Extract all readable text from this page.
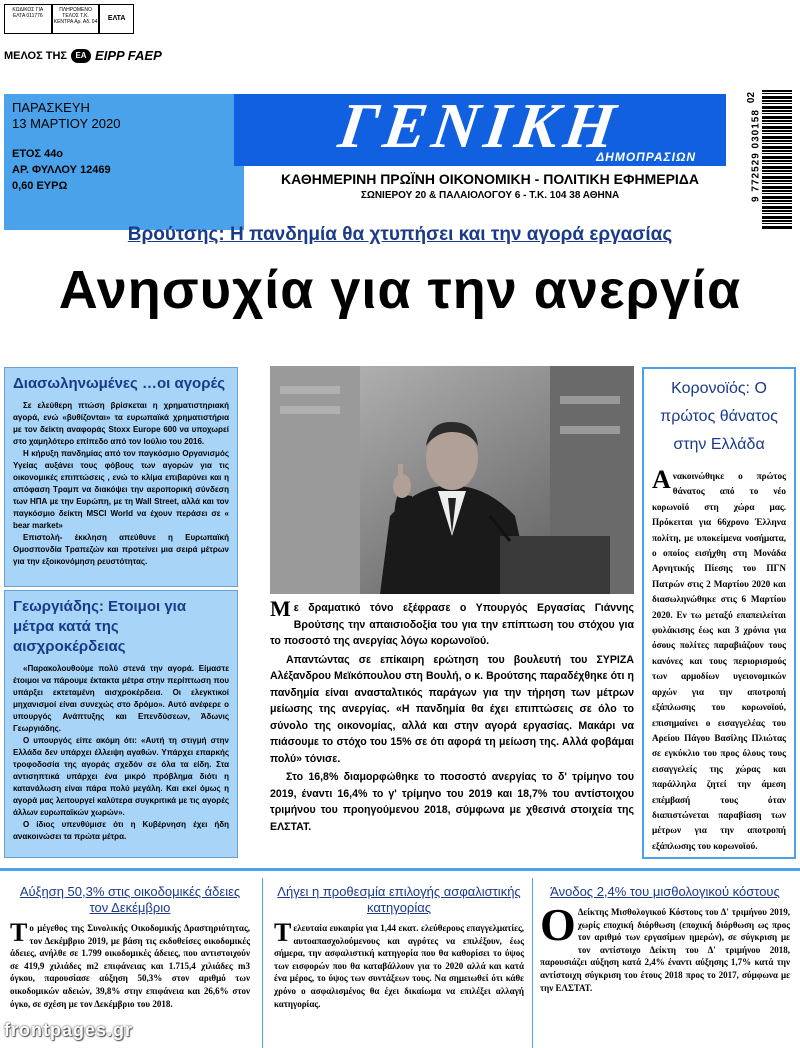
ΚΩΔΙΚΟΣ ΓΙΑ ΕΛΤΑ 011776
ΠΛΗΡΩΜΕΝΟ ΤΕΛΟΣ Τ.Κ. ΚΕΝΤΡΑ Αρ. Αδ. 04	ΕΛΤΑ
ΜΕΛΟΣ ΤΗΣ	ΕΑ EIPP FAEP
ΠΑΡΑΣΚΕΥΗ
13 ΜΑΡΤΙΟΥ 2020
ΕΤΟΣ 44ο
ΑΡ. ΦΥΛΛΟΥ 12469
0,60 ΕΥΡΩ
ΓΕΝΙΚΗ
ΔΗΜΟΠΡΑΣΙΩΝ
ΚΑΘΗΜΕΡΙΝΗ ΠΡΩΪΝΗ ΟΙΚΟΝΟΜΙΚΗ - ΠΟΛΙΤΙΚΗ ΕΦΗΜΕΡΙΔΑ
ΣΩΝΙΕΡΟΥ 20 & ΠΑΛΑΙΟΛΟΓΟΥ 6 - Τ.Κ. 104 38 ΑΘΗΝΑ
02
9 772529 030158
Βρούτσης: Η πανδημία θα χτυπήσει και την αγορά εργασίας
Ανησυχία για την ανεργία
Διασωληνωμένες …οι αγορές

Σε ελεύθερη πτώση βρίσκεται η χρηματιστηριακή αγορά, ενώ «βυθίζονται» τα ευρωπαϊκά χρηματιστήρια με τον δείκτη αναφοράς Stoxx Europe 600 να υποχωρεί στο χαμηλότερο επίπεδο από τον Ιούλιο του 2016.

Η κήρυξη πανδημίας από τον παγκόσμιο Οργανισμός Υγείας αυξάνει τους φόβους των αγορών για τις οικονομικές επιπτώσεις , ενώ το κλίμα επιβαρύνει και η απόφαση Τραμπ να διακόψει την αεροπορική σύνδεση των ΗΠΑ με την Ευρώπη, με τη Wall Street, αλλά και τον παγκόσμιο δείκτη MSCI World να έχουν περάσει σε « bear market»

Επιστολή- έκκληση απεύθυνε η Ευρωπαϊκή Ομοσπονδία Τραπεζών και προτείνει μια σειρά μέτρων για την εξοικονόμηση ρευστότητας.

Γεωργιάδης: Ετοιμοι για μέτρα κατά της αισχροκέρδειας

«Παρακολουθούμε πολύ στενά την αγορά. Είμαστε έτοιμοι να πάρουμε έκτακτα μέτρα στην περίπτωση που υπάρξει εκτεταμένη αισχροκέρδεια. Οι ελεγκτικοί μηχανισμοί είναι συνεχώς στο δρόμο». Αυτό ανέφερε ο υπουργός Ανάπτυξης και Επενδύσεων, Άδωνις Γεωργιάδης.

Ο υπουργός είπε ακόμη ότι: «Αυτή τη στιγμή στην Ελλάδα δεν υπάρχει έλλειψη αγαθών. Υπάρχει επαρκής τροφοδοσία της αγοράς σχεδόν σε όλα τα είδη. Στα αντισηπτικά υπάρχει ένα μικρό πρόβλημα διότι η κατανάλωση είναι πάρα πολύ μεγάλη. Και εκεί όμως η αγορά μας λειτουργεί καλύτερα συγκριτικά με τις αγορές άλλων ευρωπαϊκών χωρών».

Ο ίδιος υπενθύμισε ότι η Κυβέρνηση έχει ήδη ανακοινώσει τα πρώτα μέτρα.

Με δραματικό τόνο εξέφρασε ο Υπουργός Εργασίας Γιάννης Βρούτσης την απαισιοδοξία του για την επίπτωση του στόχου για το ποσοστό της ανεργίας λόγω κορωνοϊού.

Απαντώντας σε επίκαιρη ερώτηση του βουλευτή του ΣΥΡΙΖΑ Αλέξανδρου Μεϊκόπουλου στη Βουλή, ο κ. Βρούτσης παραδέχθηκε ότι η πανδημία είναι ανασταλτικός παράγων για την τήρηση των μέτρων μείωσης της ανεργίας. «Η πανδημία θα έχει επιπτώσεις σε όλο το σύνολο της οικονομίας, αλλά και στην αγορά εργασίας. Μακάρι να πιάσουμε το στόχο του 15% σε ότι αφορά τη μείωση της. Αλλά φοβάμαι πολύ» τόνισε.

Στο 16,8% διαμορφώθηκε το ποσοστό ανεργίας το δ' τρίμηνο του 2019, έναντι 16,4% το γ' τρίμηνο του 2019 και 18,7% του αντίστοιχου τριμήνου του προηγούμενου 2018, σύμφωνα με χθεσινά στοιχεία της ΕΛΣΤΑΤ.

Κορονοϊός: Ο πρώτος θάνατος στην Ελλάδα

Ανακοινώθηκε ο πρώτος θάνατος από το νέο κορωνοϊό στη χώρα μας. Πρόκειται για 66χρονο Έλληνα πολίτη, με υποκείμενα νοσήματα, ο οποίος εισήχθη στη Μονάδα Αρνητικής Πίεσης του ΠΓΝ Πατρών στις 2 Μαρτίου 2020 και διασωληνώθηκε στις 6 Μαρτίου 2020. Εν τω μεταξύ επαπειλείται φυλάκισης έως και 3 χρόνια για όσους πολίτες παραβιάζουν τους κανόνες και τους περιορισμούς των αρμοδίων υγειονομικών αρχών για την αποτροπή εξάπλωσης του κορωνοϊού, επισημαίνει ο εισαγγελέας του Αρείου Πάγου Βασίλης Πλιώτας σε εγκύκλιο του προς όλους τους εισαγγελείς της χώρας και παράλληλα ζητεί την άμεση επέμβασή τους όταν διαπιστώνεται παραβίαση των μέτρων για την αποτροπή εξάπλωσης του κορωνοϊού.

Αύξηση 50,3% στις οικοδομικές άδειες τον Δεκέμβριο

Το μέγεθος της Συνολικής Οικοδομικής Δραστηριότητας, τον Δεκέμβριο 2019, με βάση τις εκδοθείσες οικοδομικές άδειες, ανήλθε σε 1.799 οικοδομικές άδειες, που αντιστοιχούν σε 419,9 χιλιάδες m2 επιφάνειας και 1.715,4 χιλιάδες m3 όγκου, παρουσίασε αύξηση 50,3% στον αριθμό των οικοδομικών αδειών, 39,8% στην επιφάνεια και 26,6% στον όγκο, σε σχέση με τον Δεκέμβριο του 2018.

Λήγει η προθεσμία επιλογής ασφαλιστικής κατηγορίας

Τελευταία ευκαιρία για 1,44 εκατ. ελεύθερους επαγγελματίες, αυτοαπασχολούμενους και αγρότες να επιλέξουν, έως σήμερα, την ασφαλιστική κατηγορία που θα καθορίσει το ύψος των εισφορών που θα καταβάλλουν για το 2020 αλλά και κατά ένα μέρος, το ύψος των συντάξεων τους. Να σημειωθεί ότι κάθε χρόνο ο ασφαλισμένος θα έχει δικαίωμα να επιλέξει αλλαγή κατηγορίας.

Άνοδος 2,4% του μισθολογικού κόστους

Ο Δείκτης Μισθολογικού Κόστους του Δ' τριμήνου 2019, χωρίς εποχική διόρθωση (εποχική διόρθωση ως προς τον αριθμό των εργασίμων ημερών), σε σύγκριση με τον αντίστοιχο Δείκτη του Δ' τριμήνου 2018, παρουσιάζει αύξηση κατά 2,4% έναντι αύξησης 1,7% κατά την αντίστοιχη σύγκριση του έτους 2018 προς το 2017, σύμφωνα με την ΕΛΣΤΑΤ.

frontpages.gr
